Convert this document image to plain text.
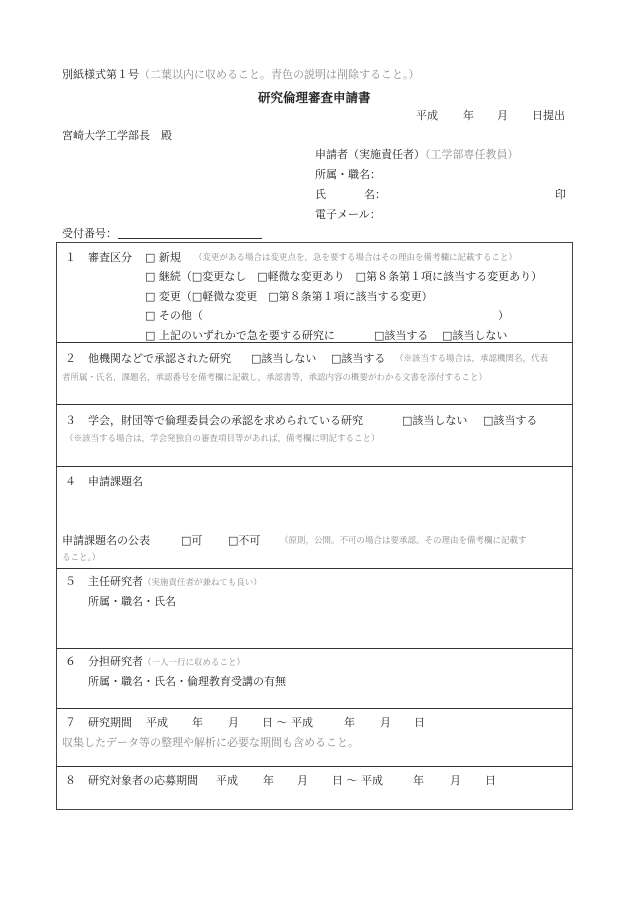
別紙様式第１号（二葉以内に収めること。青色の説明は削除すること。）
研究倫理審査申請書
平成 年 月 日提出
宮崎大学工学部長　殿
申請者（実施責任者）（工学部専任教員）
所属・職名：
氏	名：	印
電子メール：
受付番号：
１ 審査区分 □ 新規 （変更がある場合は変更点を，急を要する場合はその理由を備考欄に記載すること）
□ 継続（□変更なし　□軽微な変更あり　□第８条第１項に該当する変更あり）
□ 変更（□軽微な変更　□第８条第１項に該当する変更）
□ その他（	）
□ 上記のいずれかで急を要する研究に	□該当する □該当しない
２ 他機関などで承認された研究 □該当しない □該当する （※該当する場合は，承認機関名，代表
者所属・氏名，課題名，承認番号を備考欄に記載し，承認書等，承認内容の概要がわかる文書を添付すること）
３ 学会，財団等で倫理委員会の承認を求められている研究	□該当しない □該当する
（※該当する場合は，学会発独自の審査項目等があれば，備考欄に明記すること）
４ 申請課題名
申請課題名の公表	□可 □不可 （原則，公開。不可の場合は要承認。その理由を備考欄に記載す
ること。）
５ 主任研究者（実施責任者が兼ねても良い）
所属・職名・氏名
６ 分担研究者（一人一行に収めること）
所属・職名・氏名・倫理教育受講の有無
７ 研究期間 平成 年 月 日 〜 平成	年 月 日
収集したデータ等の整理や解析に必要な期間も含めること。
８ 研究対象者の応募期間 平成 年 月 日 〜 平成	年 月 日
